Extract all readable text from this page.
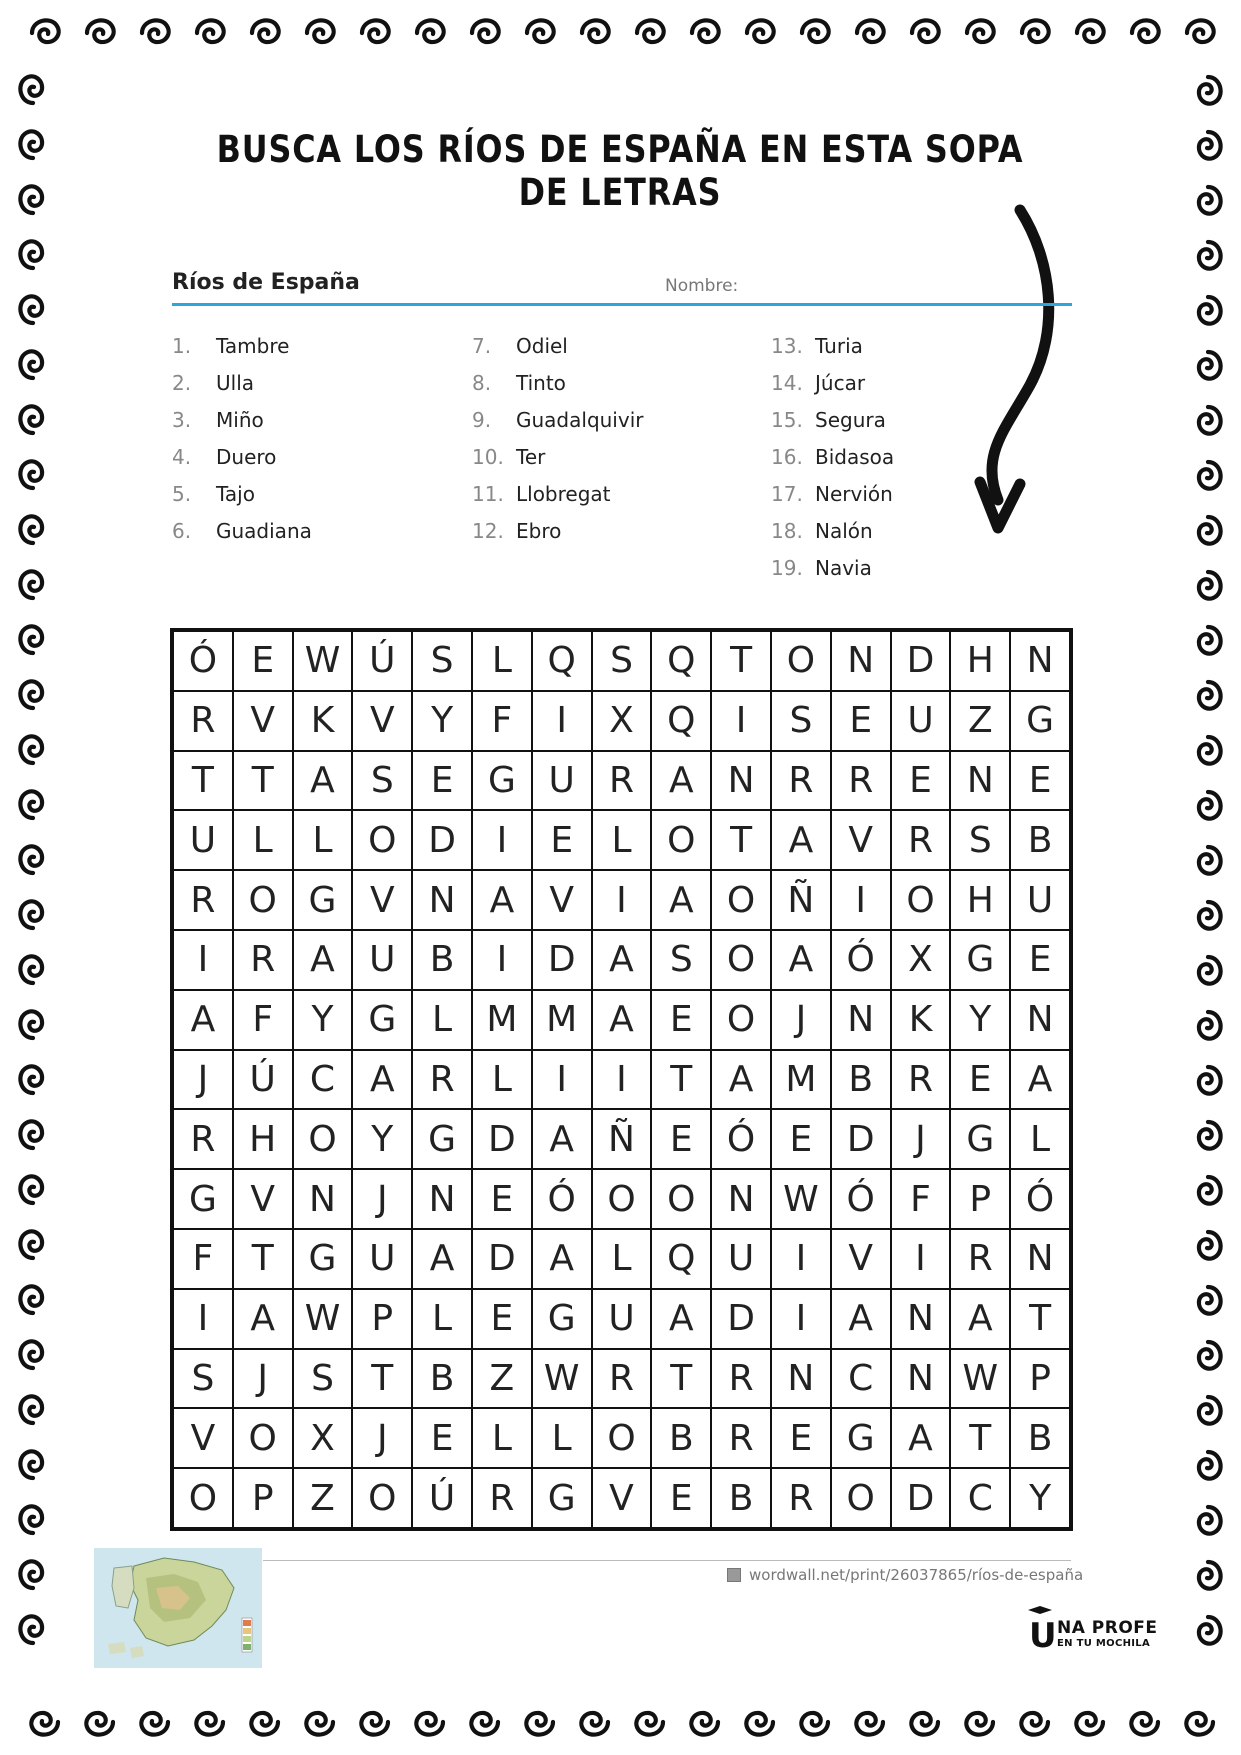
BUSCA LOS RÍOS DE ESPAÑA EN ESTA SOPA DE LETRAS
Ríos de España	Nombre:
1. Tambre
2. Ulla
3. Miño
4. Duero
5. Tajo
6. Guadiana
7. Odiel
8. Tinto
9. Guadalquivir
10. Ter
11. Llobregat
12. Ebro
13. Turia
14. Júcar
15. Segura
16. Bidasoa
17. Nervión
18. Nalón
19. Navia
Ó E W Ú S	L Q S Q T O N D H N
R V K V	Y	F	I	X Q	I	S	E U Z G
T	T	A	S	E G U R A N R R E N E
U	L	L O D	I	E	L O T	A V R S	B
R O G V N A V	I	A O Ñ	I	O H U
I	R A U B	I	D A	S O A Ó X G E
A	F	Y G L M M A	E O	J	N K	Y N
J	Ú C A R	L	I	I	T	A M B R E	A
R H O Y G D A Ñ E Ó E D	J	G L
G V N	J	N E Ó O O N W Ó F	P Ó
F	T G U A D A	L Q U	I	V	I	R N
I	A W P	L	E G U A D	I	A N A	T
S	J	S	T	B Z W R	T	R N C N W P
V O X	J	E	L	L O B R E G A	T	B
O P	Z O Ú R G V	E	B R O D C	Y
wordwall.net/print/26037865/ríos-de-españa
U NA PROFE
EN TU MOCHILA
